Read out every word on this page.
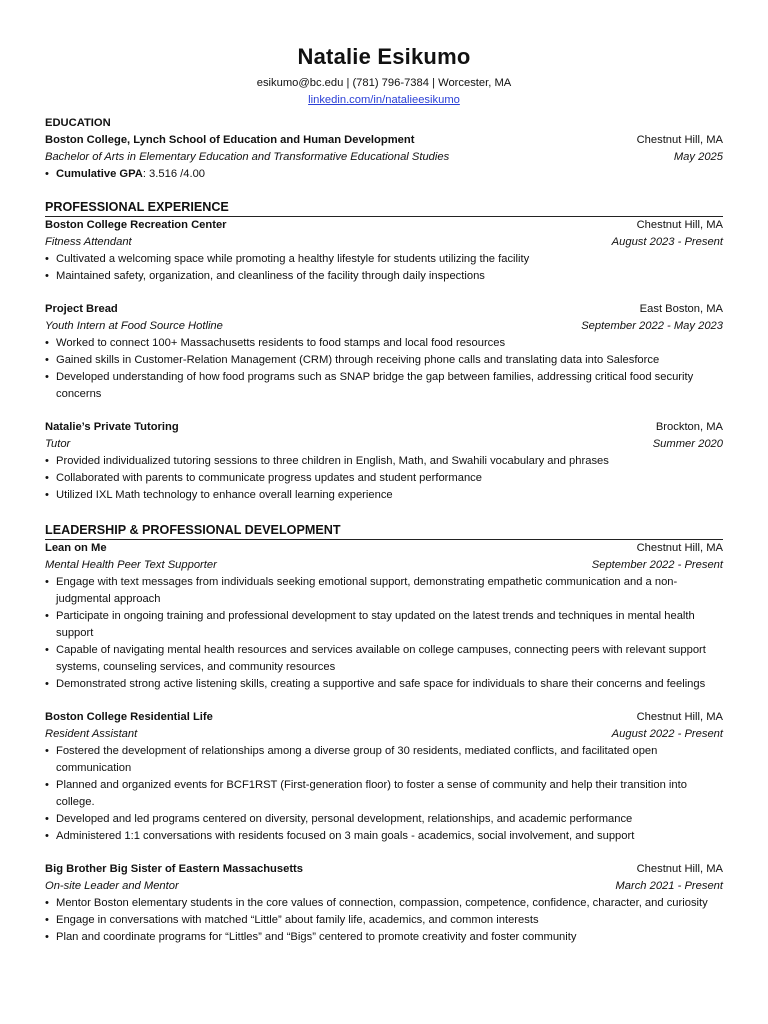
Natalie Esikumo
esikumo@bc.edu | (781) 796-7384 | Worcester, MA
linkedin.com/in/natalieesikumo
EDUCATION
Boston College, Lynch School of Education and Human Development	Chestnut Hill, MA
Bachelor of Arts in Elementary Education and Transformative Educational Studies	May 2025
• Cumulative GPA: 3.516 /4.00
PROFESSIONAL EXPERIENCE
Boston College Recreation Center	Chestnut Hill, MA
Fitness Attendant	August 2023 - Present
• Cultivated a welcoming space while promoting a healthy lifestyle for students utilizing the facility
• Maintained safety, organization, and cleanliness of the facility through daily inspections
Project Bread	East Boston, MA
Youth Intern at Food Source Hotline	September 2022 - May 2023
• Worked to connect 100+ Massachusetts residents to food stamps and local food resources
• Gained skills in Customer-Relation Management (CRM) through receiving phone calls and translating data into Salesforce
• Developed understanding of how food programs such as SNAP bridge the gap between families, addressing critical food security concerns
Natalie’s Private Tutoring	Brockton, MA
Tutor	Summer 2020
• Provided individualized tutoring sessions to three children in English, Math, and Swahili vocabulary and phrases
• Collaborated with parents to communicate progress updates and student performance
• Utilized IXL Math technology to enhance overall learning experience
LEADERSHIP & PROFESSIONAL DEVELOPMENT
Lean on Me	Chestnut Hill, MA
Mental Health Peer Text Supporter	September 2022 - Present
• Engage with text messages from individuals seeking emotional support, demonstrating empathetic communication and a non-judgmental approach
• Participate in ongoing training and professional development to stay updated on the latest trends and techniques in mental health support
• Capable of navigating mental health resources and services available on college campuses, connecting peers with relevant support systems, counseling services, and community resources
• Demonstrated strong active listening skills, creating a supportive and safe space for individuals to share their concerns and feelings
Boston College Residential Life	Chestnut Hill, MA
Resident Assistant	August 2022 - Present
• Fostered the development of relationships among a diverse group of 30 residents, mediated conflicts, and facilitated open communication
• Planned and organized events for BCF1RST (First-generation floor) to foster a sense of community and help their transition into college.
• Developed and led programs centered on diversity, personal development, relationships, and academic performance
• Administered 1:1 conversations with residents focused on 3 main goals - academics, social involvement, and support
Big Brother Big Sister of Eastern Massachusetts	Chestnut Hill, MA
On-site Leader and Mentor	March 2021 - Present
• Mentor Boston elementary students in the core values of connection, compassion, competence, confidence, character, and curiosity
• Engage in conversations with matched “Little” about family life, academics, and common interests
• Plan and coordinate programs for “Littles” and “Bigs” centered to promote creativity and foster community
